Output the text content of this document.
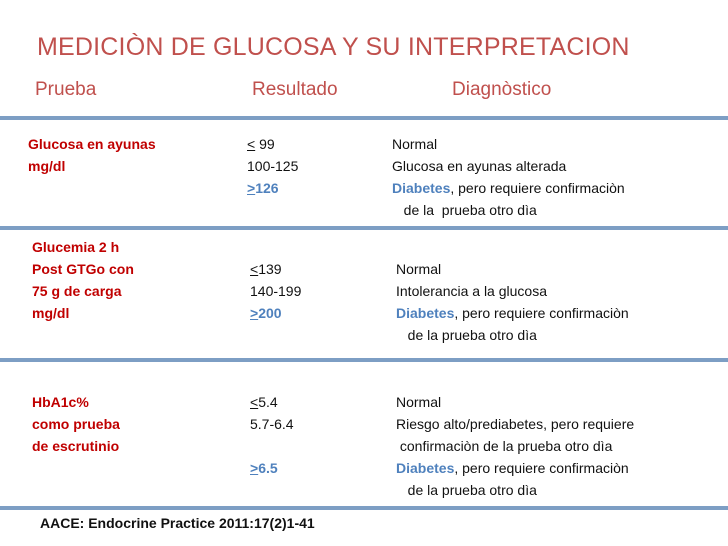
MEDICIÒN DE GLUCOSA Y SU INTERPRETACION
Prueba	Resultado	Diagnòstico
Glucosa en ayunas
mg/dl
< 99
100-125
>126
Normal
Glucosa en ayunas alterada
Diabetes, pero requiere confirmaciòn
de la  prueba otro dìa
Glucemia 2 h
Post GTGo con
75 g de carga
mg/dl
<139
140-199
>200
Normal
Intolerancia a la glucosa
Diabetes, pero requiere confirmaciòn
de la prueba otro dìa
HbA1c%
como prueba
de escrutinio
<5.4
5.7-6.4

>6.5
Normal
Riesgo alto/prediabetes, pero requiere
confirmaciòn de la prueba otro dìa
Diabetes, pero requiere confirmaciòn
de la prueba otro dìa
AACE: Endocrine Practice 2011:17(2)1-41
